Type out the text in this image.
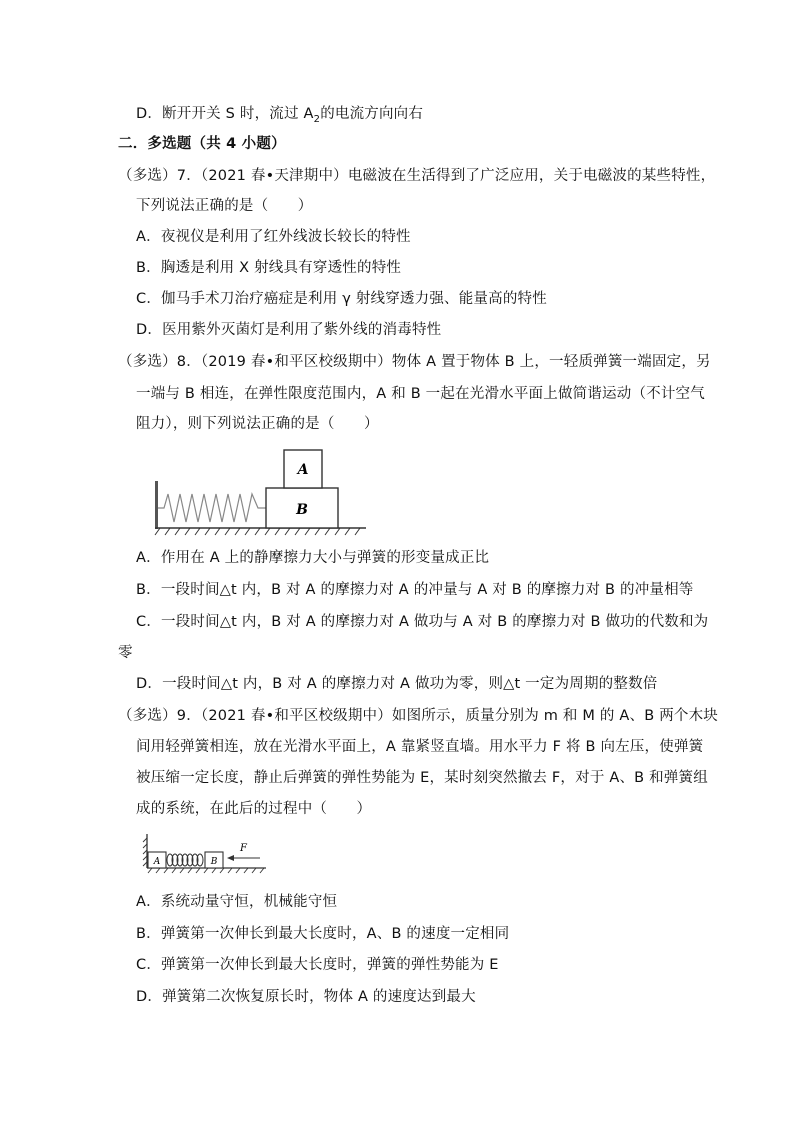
D．断开开关 S 时，流过 $A_2$的电流方向向右
二．多选题（共 4 小题）
（多选）7．（2021 春•天津期中）电磁波在生活得到了广泛应用，关于电磁波的某些特性，
下列说法正确的是（　　）
A．夜视仪是利用了红外线波长较长的特性
B．胸透是利用 X 射线具有穿透性的特性
C．伽马手术刀治疗癌症是利用 γ 射线穿透力强、能量高的特性
D．医用紫外灭菌灯是利用了紫外线的消毒特性
（多选）8．（2019 春•和平区校级期中）物体 A 置于物体 B 上，一轻质弹簧一端固定，另
一端与 B 相连，在弹性限度范围内，A 和 B 一起在光滑水平面上做简谐运动（不计空气
阻力），则下列说法正确的是（　　）
B
A
A．作用在 A 上的静摩擦力大小与弹簧的形变量成正比
B．一段时间△t 内，B 对 A 的摩擦力对 A 的冲量与 A 对 B 的摩擦力对 B 的冲量相等
C．一段时间△t 内，B 对 A 的摩擦力对 A 做功与 A 对 B 的摩擦力对 B 做功的代数和为
零
D．一段时间△t 内，B 对 A 的摩擦力对 A 做功为零，则△t 一定为周期的整数倍
（多选）9．（2021 春•和平区校级期中）如图所示，质量分别为 m 和 M 的 A、B 两个木块
间用轻弹簧相连，放在光滑水平面上，A 靠紧竖直墙。用水平力 F 将 B 向左压，使弹簧
被压缩一定长度，静止后弹簧的弹性势能为 E，某时刻突然撤去 F，对于 A、B 和弹簧组
成的系统，在此后的过程中（　　）
A	B
F
A．系统动量守恒，机械能守恒
B．弹簧第一次伸长到最大长度时，A、B 的速度一定相同
C．弹簧第一次伸长到最大长度时，弹簧的弹性势能为 E
D．弹簧第二次恢复原长时，物体 A 的速度达到最大
